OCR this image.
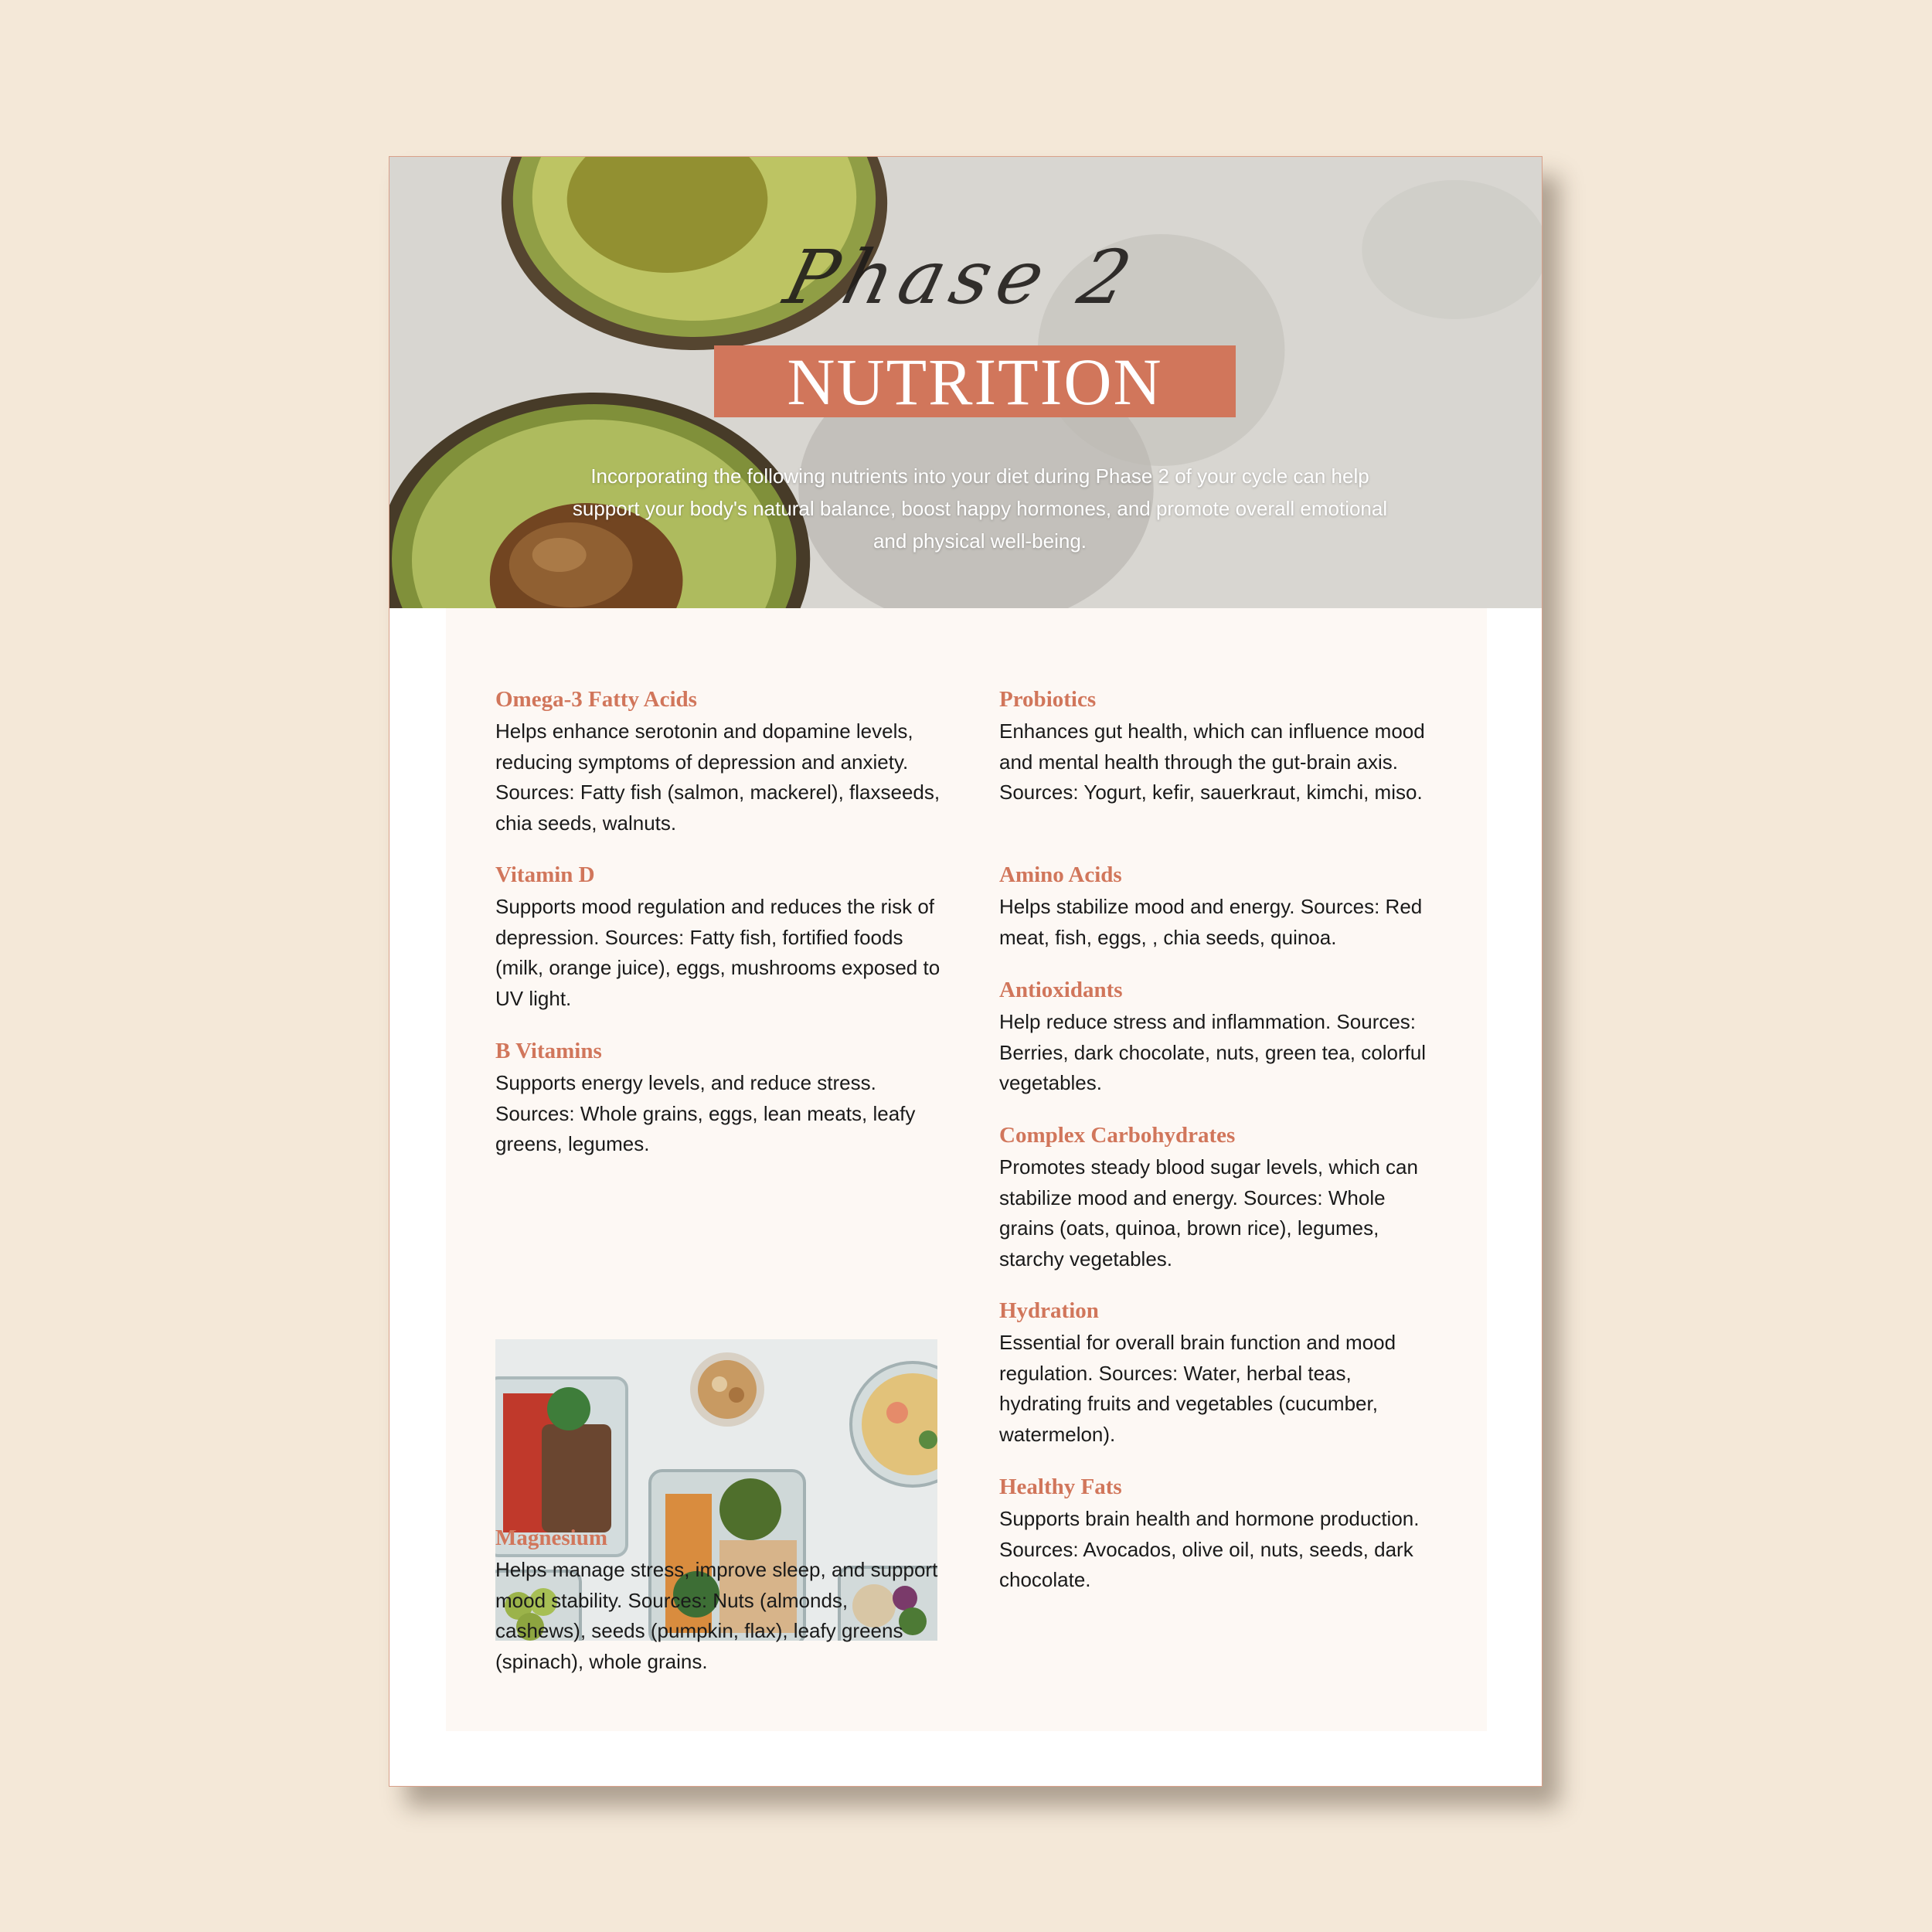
Phase 2
NUTRITION
Incorporating the following nutrients into your diet during Phase 2 of your cycle can help support your body's natural balance, boost happy hormones, and promote overall emotional and physical well-being.
Omega-3 Fatty Acids

Helps enhance serotonin and dopamine levels, reducing symptoms of depression and anxiety. Sources: Fatty fish (salmon, mackerel), flaxseeds, chia seeds, walnuts.

Vitamin D

Supports mood regulation and reduces the risk of depression. Sources: Fatty fish, fortified foods (milk, orange juice), eggs, mushrooms exposed to UV light.

B Vitamins

Supports energy levels, and reduce stress. Sources: Whole grains, eggs, lean meats, leafy greens, legumes.

Magnesium

Helps manage stress, improve sleep, and support mood stability. Sources: Nuts (almonds, cashews), seeds (pumpkin, flax), leafy greens (spinach), whole grains.

Probiotics

Enhances gut health, which can influence mood and mental health through the gut-brain axis. Sources: Yogurt, kefir, sauerkraut, kimchi, miso.

Amino Acids

Helps stabilize mood and energy. Sources: Red meat, fish, eggs, , chia seeds, quinoa.

Antioxidants

Help reduce stress and inflammation. Sources: Berries, dark chocolate, nuts, green tea, colorful vegetables.

Complex Carbohydrates

Promotes steady blood sugar levels, which can stabilize mood and energy. Sources: Whole grains (oats, quinoa, brown rice), legumes, starchy vegetables.

Hydration

Essential for overall brain function and mood regulation. Sources: Water, herbal teas, hydrating fruits and vegetables (cucumber, watermelon).

Healthy Fats

Supports brain health and hormone production. Sources: Avocados, olive oil, nuts, seeds, dark chocolate.
